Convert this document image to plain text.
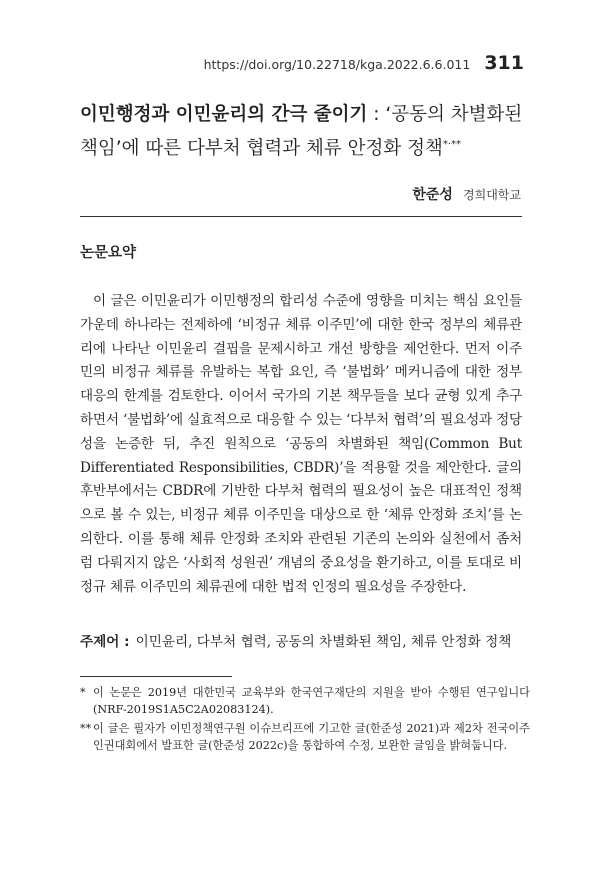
https://doi.org/10.22718/kga.2022.6.6.011 311
이민행정과 이민윤리의 간극 줄이기 : ‘공동의 차별화된 책임’에 따른 다부처 협력과 체류 안정화 정책*·**
한준성 경희대학교
논문요약

이 글은 이민윤리가 이민행정의 합리성 수준에 영향을 미치는 핵심 요인들 가운데 하나라는 전제하에 ‘비정규 체류 이주민’에 대한 한국 정부의 체류관리에 나타난 이민윤리 결핍을 문제시하고 개선 방향을 제언한다. 먼저 이주민의 비정규 체류를 유발하는 복합 요인, 즉 ‘불법화’ 메커니즘에 대한 정부 대응의 한계를 검토한다. 이어서 국가의 기본 책무들을 보다 균형 있게 추구하면서 ‘불법화’에 실효적으로 대응할 수 있는 ‘다부처 협력’의 필요성과 정당성을 논증한 뒤, 추진 원칙으로 ‘공동의 차별화된 책임(Common But Differentiated Responsibilities, CBDR)’을 적용할 것을 제안한다. 글의 후반부에서는 CBDR에 기반한 다부처 협력의 필요성이 높은 대표적인 정책으로 볼 수 있는, 비정규 체류 이주민을 대상으로 한 ‘체류 안정화 조치’를 논의한다. 이를 통해 체류 안정화 조치와 관련된 기존의 논의와 실천에서 좀처럼 다뤄지지 않은 ‘사회적 성원권’ 개념의 중요성을 환기하고, 이를 토대로 비정규 체류 이주민의 체류권에 대한 법적 인정의 필요성을 주장한다.

주제어 : 이민윤리, 다부처 협력, 공동의 차별화된 책임, 체류 안정화 정책
* 이 논문은 2019년 대한민국 교육부와 한국연구재단의 지원을 받아 수행된 연구입니다(NRF-2019S1A5C2A02083124).
** 이 글은 필자가 이민정책연구원 이슈브리프에 기고한 글(한준성 2021)과 제2차 전국이주인권대회에서 발표한 글(한준성 2022c)을 통합하여 수정, 보완한 글임을 밝혀둡니다.
